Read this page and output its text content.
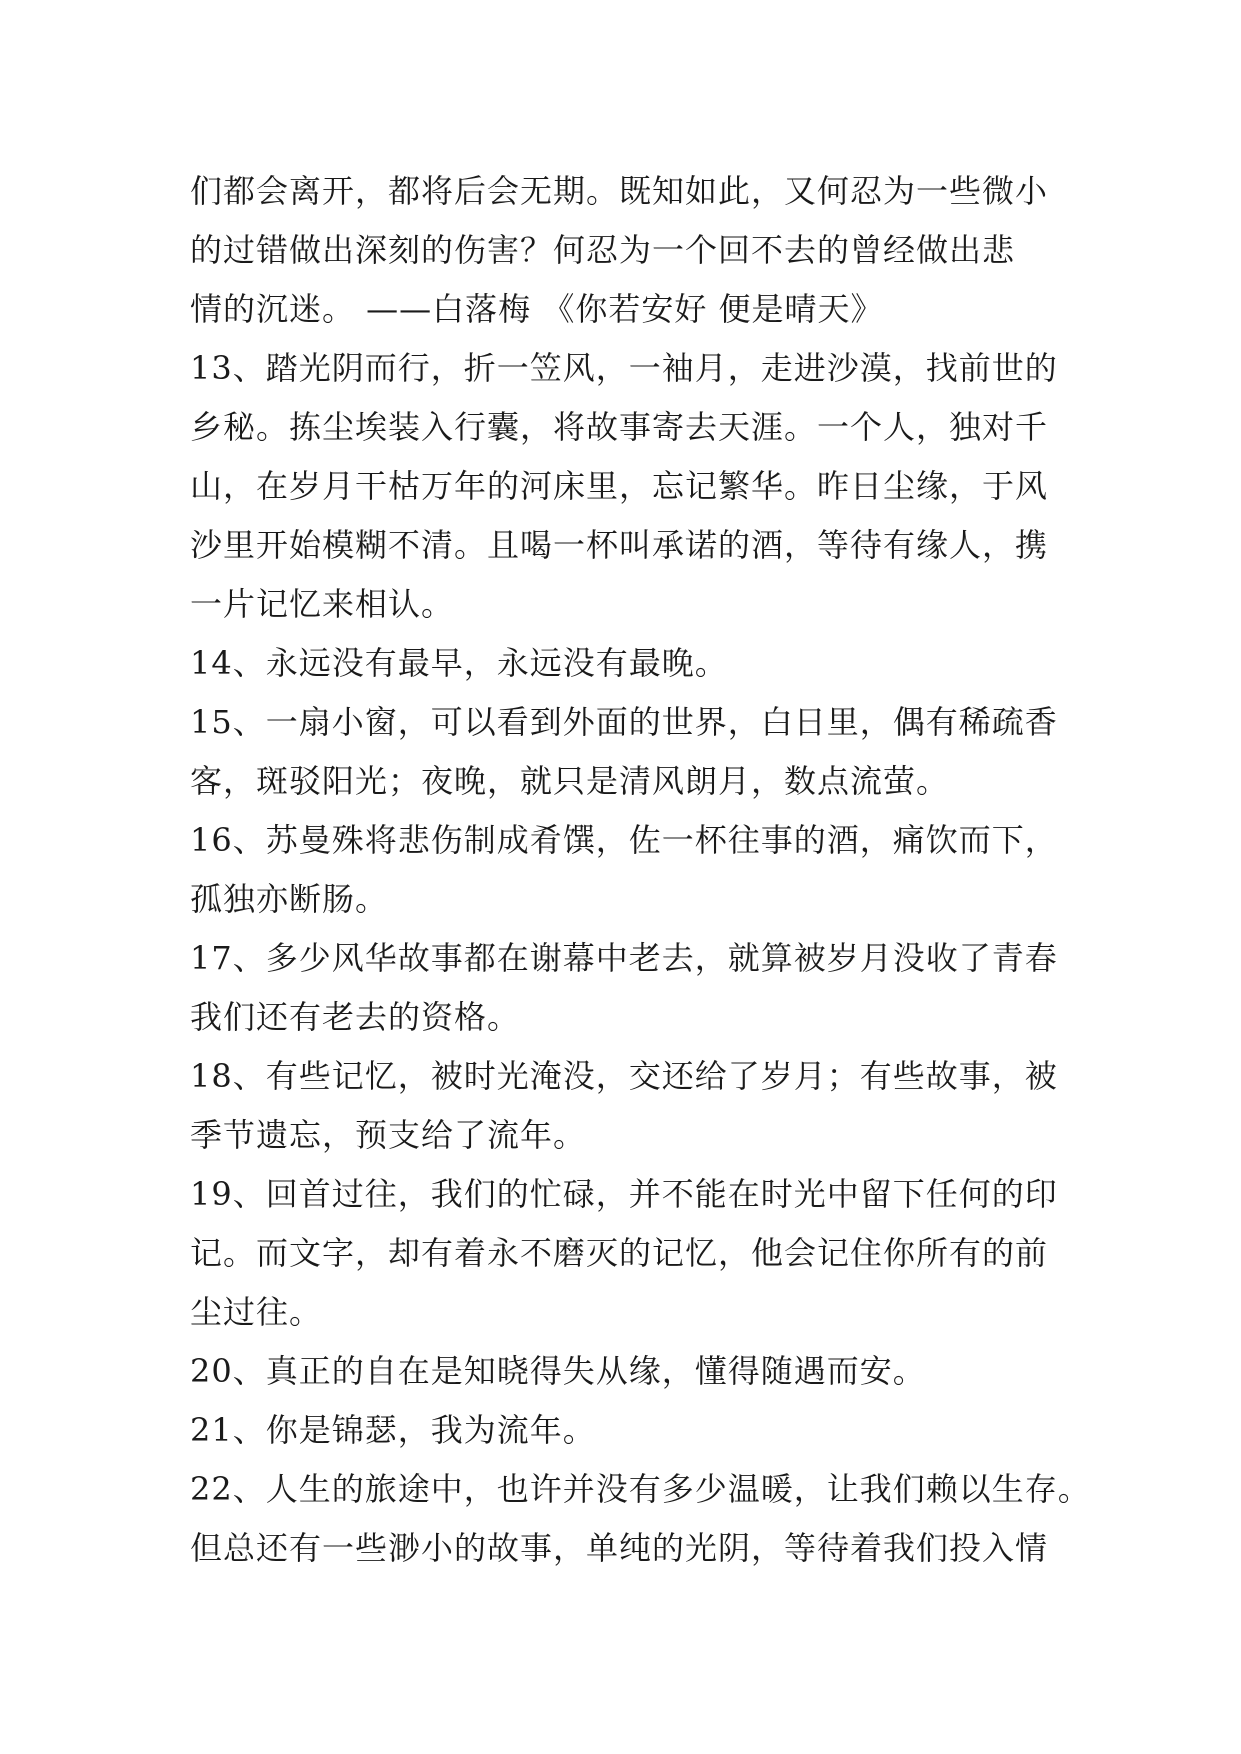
们都会离开，都将后会无期。既知如此，又何忍为一些微小
的过错做出深刻的伤害？何忍为一个回不去的曾经做出悲
情的沉迷。 ——白落梅 《你若安好 便是晴天》
13、踏光阴而行，折一笠风，一袖月，走进沙漠，找前世的
乡秘。拣尘埃装入行囊，将故事寄去天涯。一个人，独对千
山，在岁月干枯万年的河床里，忘记繁华。昨日尘缘，于风
沙里开始模糊不清。且喝一杯叫承诺的酒，等待有缘人，携
一片记忆来相认。
14、永远没有最早，永远没有最晚。
15、一扇小窗，可以看到外面的世界，白日里，偶有稀疏香
客，斑驳阳光；夜晚，就只是清风朗月，数点流萤。
16、苏曼殊将悲伤制成肴馔，佐一杯往事的酒，痛饮而下，
孤独亦断肠。
17、多少风华故事都在谢幕中老去，就算被岁月没收了青春
我们还有老去的资格。
18、有些记忆，被时光淹没，交还给了岁月；有些故事，被
季节遗忘，预支给了流年。
19、回首过往，我们的忙碌，并不能在时光中留下任何的印
记。而文字，却有着永不磨灭的记忆，他会记住你所有的前
尘过往。
20、真正的自在是知晓得失从缘，懂得随遇而安。
21、你是锦瑟，我为流年。
22、人生的旅途中，也许并没有多少温暖，让我们赖以生存。
但总还有一些渺小的故事，单纯的光阴，等待着我们投入情
